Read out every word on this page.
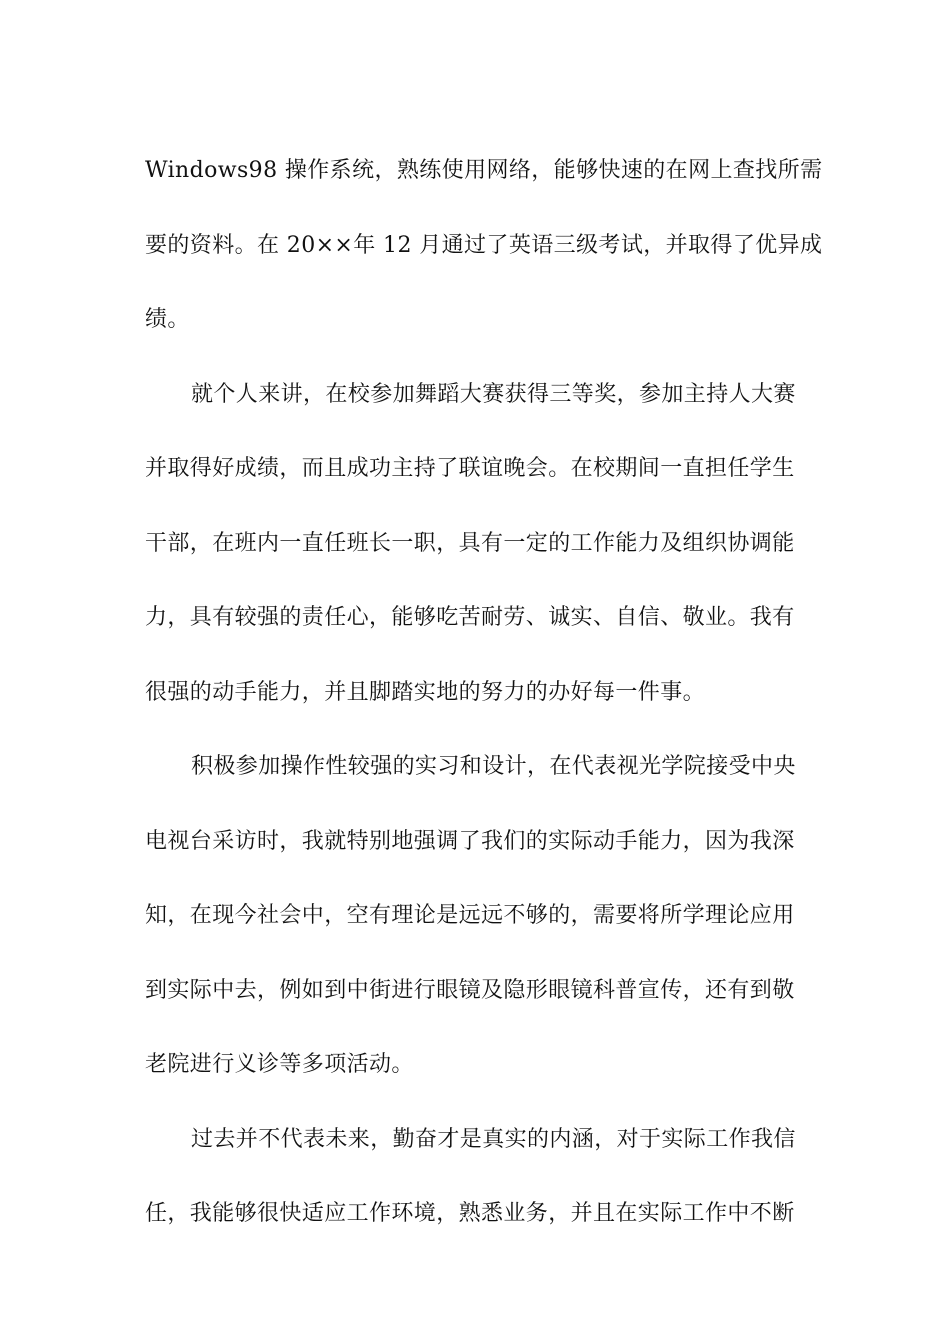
Windows98 操作系统，熟练使用网络，能够快速的在网上查找所需
要的资料。在 20××年 12 月通过了英语三级考试，并取得了优异成
绩。
就个人来讲，在校参加舞蹈大赛获得三等奖，参加主持人大赛
并取得好成绩，而且成功主持了联谊晚会。在校期间一直担任学生
干部，在班内一直任班长一职，具有一定的工作能力及组织协调能
力，具有较强的责任心，能够吃苦耐劳、诚实、自信、敬业。我有
很强的动手能力，并且脚踏实地的努力的办好每一件事。
积极参加操作性较强的实习和设计，在代表视光学院接受中央
电视台采访时，我就特别地强调了我们的实际动手能力，因为我深
知，在现今社会中，空有理论是远远不够的，需要将所学理论应用
到实际中去，例如到中街进行眼镜及隐形眼镜科普宣传，还有到敬
老院进行义诊等多项活动。
过去并不代表未来，勤奋才是真实的内涵，对于实际工作我信
任，我能够很快适应工作环境，熟悉业务，并且在实际工作中不断
